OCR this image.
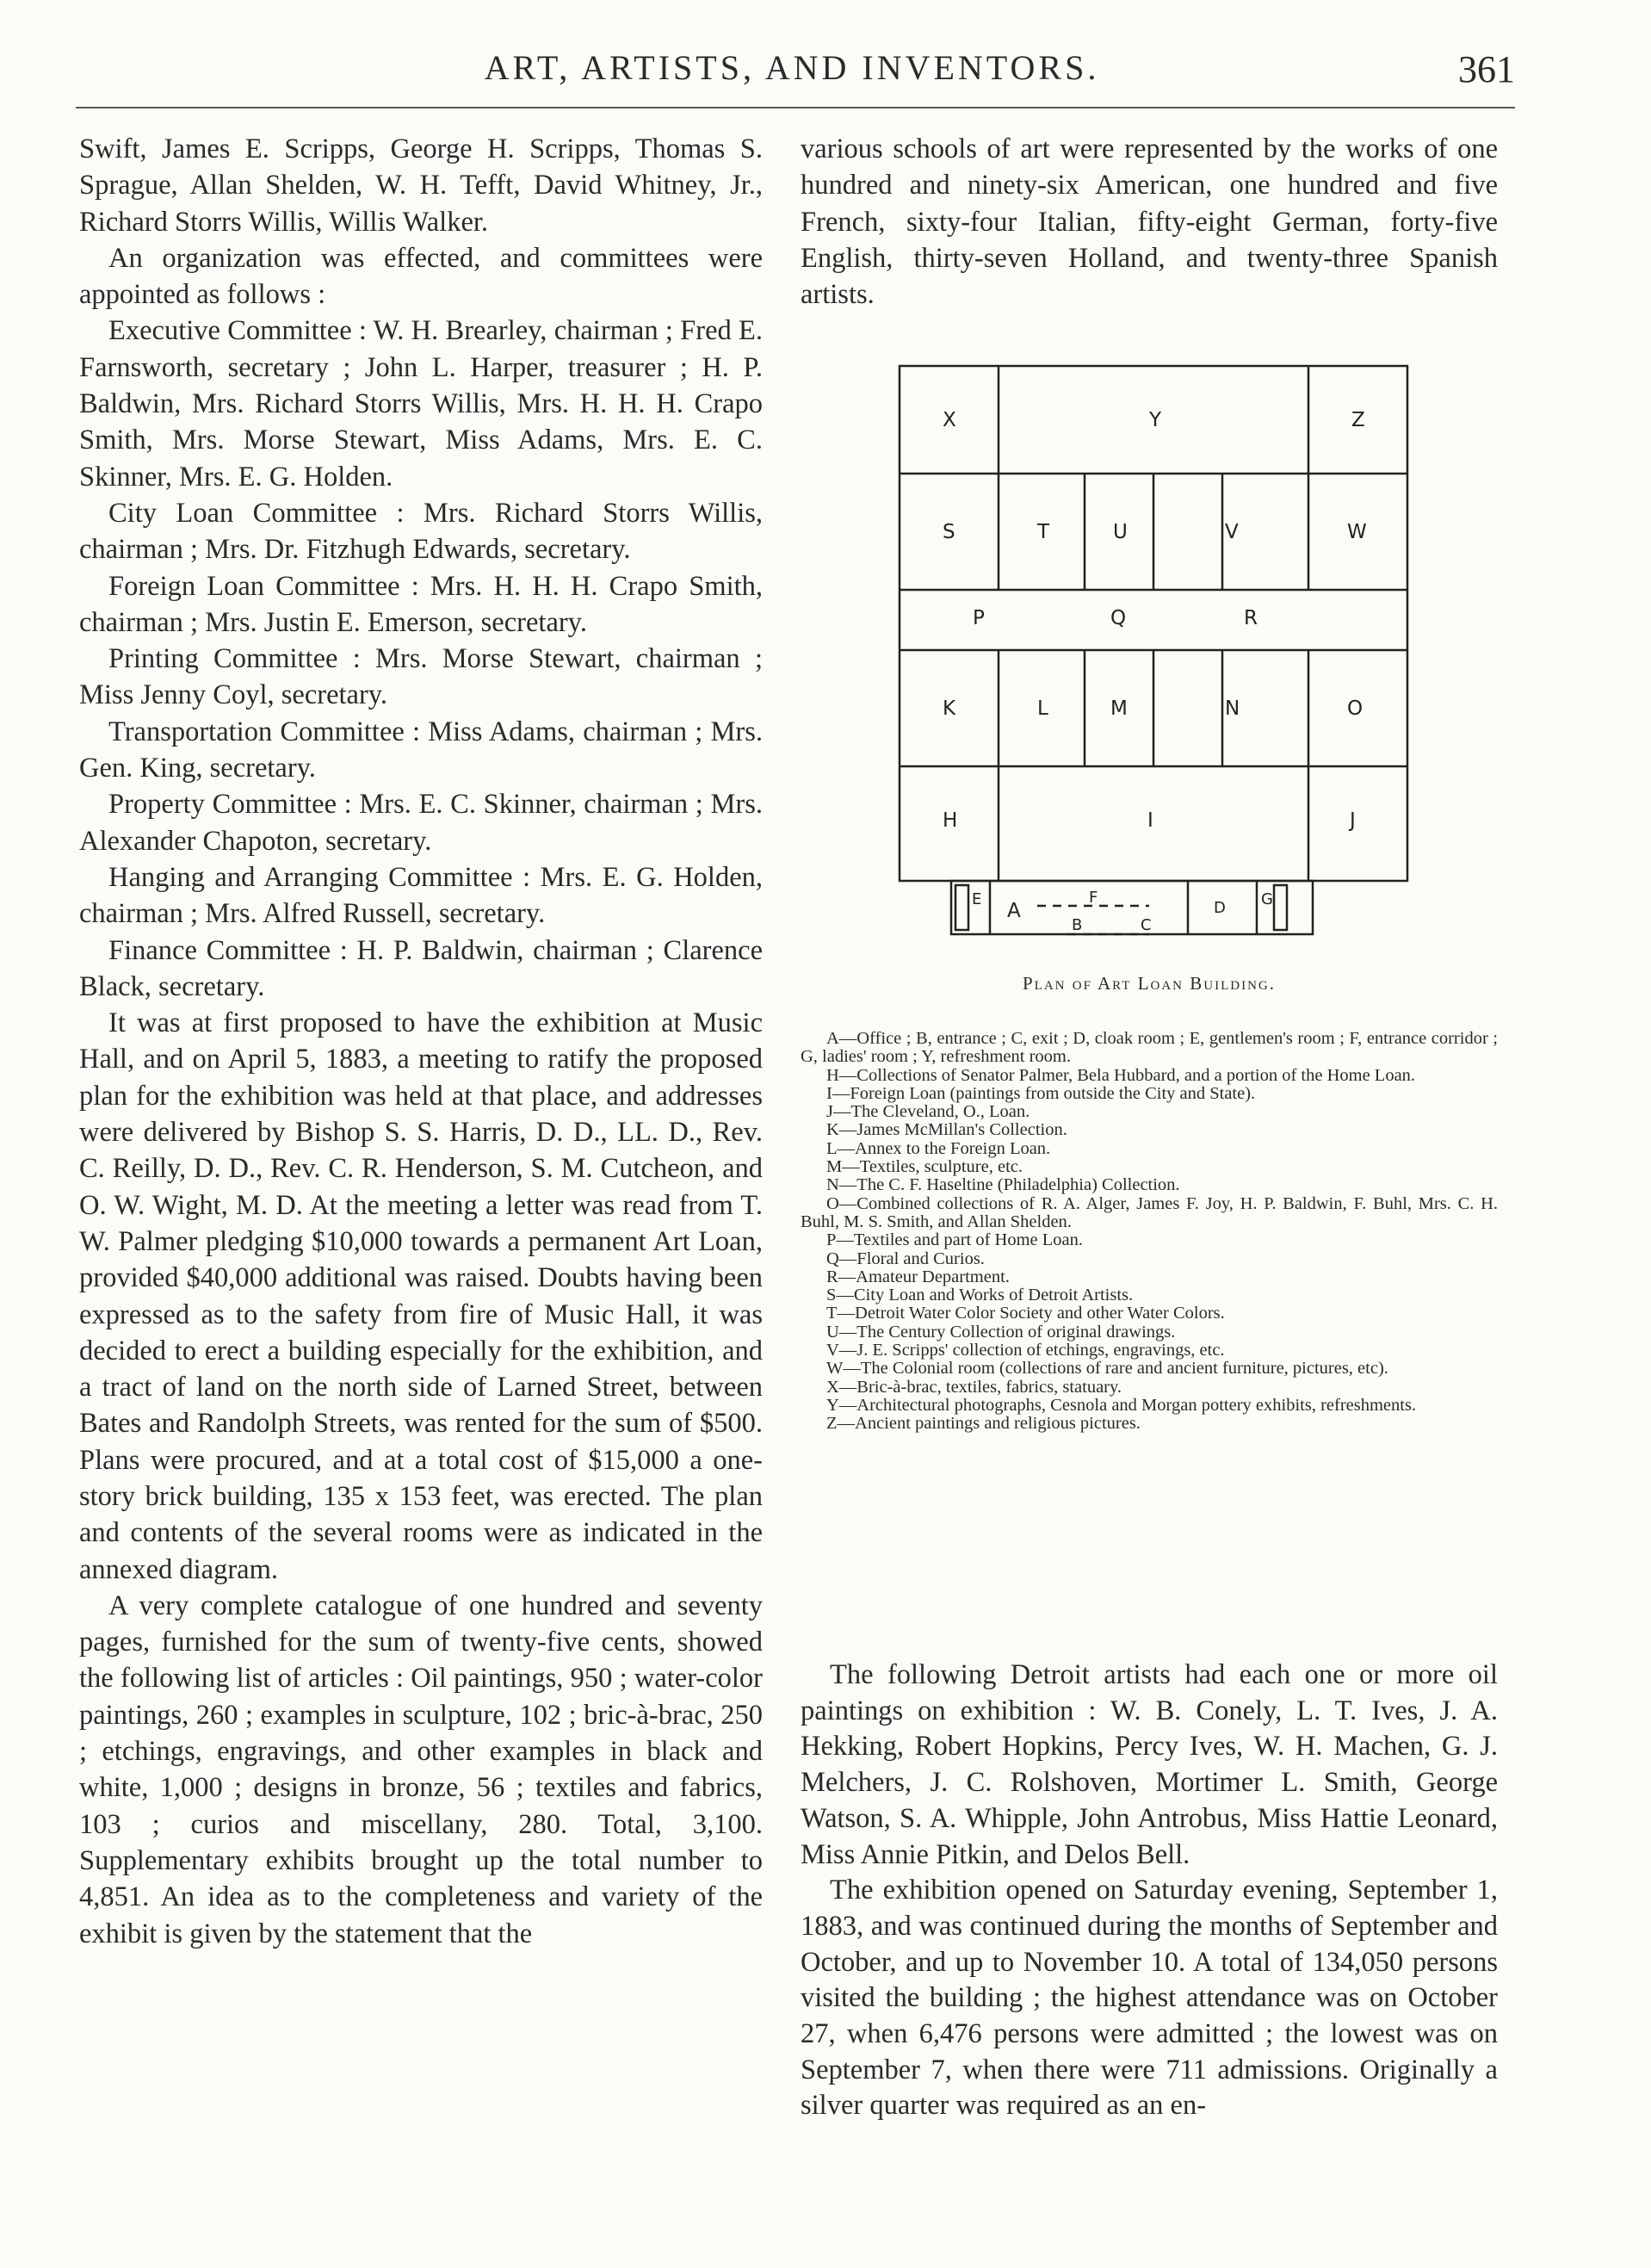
ART, ARTISTS, AND INVENTORS.	361

Swift, James E. Scripps, George H. Scripps, Thomas S. Sprague, Allan Shelden, W. H. Tefft, David Whitney, Jr., Richard Storrs Willis, Willis Walker.

An organization was effected, and committees were appointed as follows :

Executive Committee : W. H. Brearley, chairman ; Fred E. Farnsworth, secretary ; John L. Harper, treasurer ; H. P. Baldwin, Mrs. Richard Storrs Willis, Mrs. H. H. H. Crapo Smith, Mrs. Morse Stewart, Miss Adams, Mrs. E. C. Skinner, Mrs. E. G. Holden.

City Loan Committee : Mrs. Richard Storrs Willis, chairman ; Mrs. Dr. Fitzhugh Edwards, secretary.

Foreign Loan Committee : Mrs. H. H. H. Crapo Smith, chairman ; Mrs. Justin E. Emerson, secretary.

Printing Committee : Mrs. Morse Stewart, chairman ; Miss Jenny Coyl, secretary.

Transportation Committee : Miss Adams, chairman ; Mrs. Gen. King, secretary.

Property Committee : Mrs. E. C. Skinner, chairman ; Mrs. Alexander Chapoton, secretary.

Hanging and Arranging Committee : Mrs. E. G. Holden, chairman ; Mrs. Alfred Russell, secretary.

Finance Committee : H. P. Baldwin, chairman ; Clarence Black, secretary.

It was at first proposed to have the exhibition at Music Hall, and on April 5, 1883, a meeting to ratify the proposed plan for the exhibition was held at that place, and addresses were delivered by Bishop S. S. Harris, D. D., LL. D., Rev. C. Reilly, D. D., Rev. C. R. Henderson, S. M. Cutcheon, and O. W. Wight, M. D. At the meeting a letter was read from T. W. Palmer pledging $10,000 towards a permanent Art Loan, provided $40,000 additional was raised. Doubts having been expressed as to the safety from fire of Music Hall, it was decided to erect a building especially for the exhibition, and a tract of land on the north side of Larned Street, between Bates and Randolph Streets, was rented for the sum of $500. Plans were procured, and at a total cost of $15,000 a one-story brick building, 135 x 153 feet, was erected. The plan and contents of the several rooms were as indicated in the annexed diagram.

A very complete catalogue of one hundred and seventy pages, furnished for the sum of twenty-five cents, showed the following list of articles : Oil paintings, 950 ; water-color paintings, 260 ; examples in sculpture, 102 ; bric-à-brac, 250 ; etchings, engravings, and other examples in black and white, 1,000 ; designs in bronze, 56 ; textiles and fabrics, 103 ; curios and miscellany, 280. Total, 3,100. Supplementary exhibits brought up the total number to 4,851. An idea as to the completeness and variety of the exhibit is given by the statement that the

various schools of art were represented by the works of one hundred and ninety-six American, one hundred and five French, sixty-four Italian, fifty-eight German, forty-five English, thirty-seven Holland, and twenty-three Spanish artists.

X	Y	Z
S	T	U	V	W
P	Q	R
K	L	M	N	O
H	I	J
E
A
F
B	C
D G
Plan of Art Loan Building.

A—Office ; B, entrance ; C, exit ; D, cloak room ; E, gentlemen's room ; F, entrance corridor ; G, ladies' room ; Y, refreshment room.

H—Collections of Senator Palmer, Bela Hubbard, and a portion of the Home Loan.

I—Foreign Loan (paintings from outside the City and State).

J—The Cleveland, O., Loan.

K—James McMillan's Collection.

L—Annex to the Foreign Loan.

M—Textiles, sculpture, etc.

N—The C. F. Haseltine (Philadelphia) Collection.

O—Combined collections of R. A. Alger, James F. Joy, H. P. Baldwin, F. Buhl, Mrs. C. H. Buhl, M. S. Smith, and Allan Shelden.

P—Textiles and part of Home Loan.

Q—Floral and Curios.

R—Amateur Department.

S—City Loan and Works of Detroit Artists.

T—Detroit Water Color Society and other Water Colors.

U—The Century Collection of original drawings.

V—J. E. Scripps' collection of etchings, engravings, etc.

W—The Colonial room (collections of rare and ancient furniture, pictures, etc).

X—Bric-à-brac, textiles, fabrics, statuary.

Y—Architectural photographs, Cesnola and Morgan pottery exhibits, refreshments.

Z—Ancient paintings and religious pictures.

The following Detroit artists had each one or more oil paintings on exhibition : W. B. Conely, L. T. Ives, J. A. Hekking, Robert Hopkins, Percy Ives, W. H. Machen, G. J. Melchers, J. C. Rolshoven, Mortimer L. Smith, George Watson, S. A. Whipple, John Antrobus, Miss Hattie Leonard, Miss Annie Pitkin, and Delos Bell.

The exhibition opened on Saturday evening, September 1, 1883, and was continued during the months of September and October, and up to November 10. A total of 134,050 persons visited the building ; the highest attendance was on October 27, when 6,476 persons were admitted ; the lowest was on September 7, when there were 711 admissions. Originally a silver quarter was required as an en-
